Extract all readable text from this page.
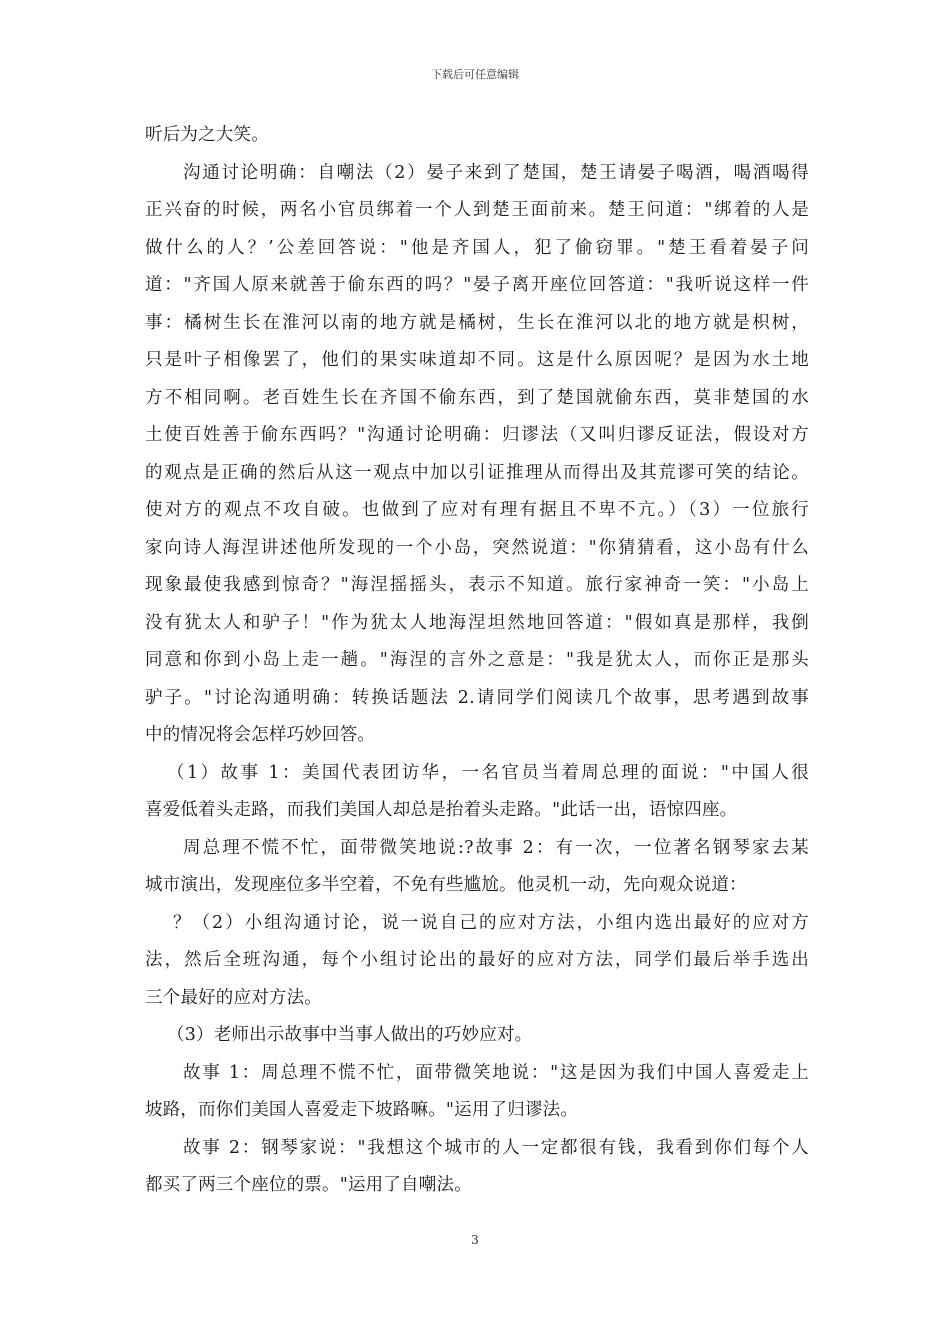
下载后可任意编辑
听后为之大笑。
沟通讨论明确：自嘲法（2）晏子来到了楚国，楚王请晏子喝酒，喝酒喝得
正兴奋的时候，两名小官员绑着一个人到楚王面前来。楚王问道："绑着的人是
做什么的人？’公差回答说："他是齐国人，犯了偷窃罪。"楚王看着晏子问
道："齐国人原来就善于偷东西的吗？"晏子离开座位回答道："我听说这样一件
事：橘树生长在淮河以南的地方就是橘树，生长在淮河以北的地方就是枳树，
只是叶子相像罢了，他们的果实味道却不同。这是什么原因呢？是因为水土地
方不相同啊。老百姓生长在齐国不偷东西，到了楚国就偷东西，莫非楚国的水
土使百姓善于偷东西吗？"沟通讨论明确：归谬法（又叫归谬反证法，假设对方
的观点是正确的然后从这一观点中加以引证推理从而得出及其荒谬可笑的结论。
使对方的观点不攻自破。也做到了应对有理有据且不卑不亢。）（3）一位旅行
家向诗人海涅讲述他所发现的一个小岛，突然说道："你猜猜看，这小岛有什么
现象最使我感到惊奇？"海涅摇摇头，表示不知道。旅行家神奇一笑："小岛上
没有犹太人和驴子！"作为犹太人地海涅坦然地回答道："假如真是那样，我倒
同意和你到小岛上走一趟。"海涅的言外之意是："我是犹太人，而你正是那头
驴子。"讨论沟通明确：转换话题法 2.请同学们阅读几个故事，思考遇到故事
中的情况将会怎样巧妙回答。
（1）故事 1：美国代表团访华，一名官员当着周总理的面说："中国人很
喜爱低着头走路，而我们美国人却总是抬着头走路。"此话一出，语惊四座。
周总理不慌不忙，面带微笑地说:?故事 2：有一次，一位著名钢琴家去某
城市演出，发现座位多半空着，不免有些尴尬。他灵机一动，先向观众说道：
？（2）小组沟通讨论，说一说自己的应对方法，小组内选出最好的应对方
法，然后全班沟通，每个小组讨论出的最好的应对方法，同学们最后举手选出
三个最好的应对方法。
（3）老师出示故事中当事人做出的巧妙应对。
故事 1：周总理不慌不忙，面带微笑地说："这是因为我们中国人喜爱走上
坡路，而你们美国人喜爱走下坡路嘛。"运用了归谬法。
故事 2：钢琴家说："我想这个城市的人一定都很有钱，我看到你们每个人
都买了两三个座位的票。"运用了自嘲法。
3
